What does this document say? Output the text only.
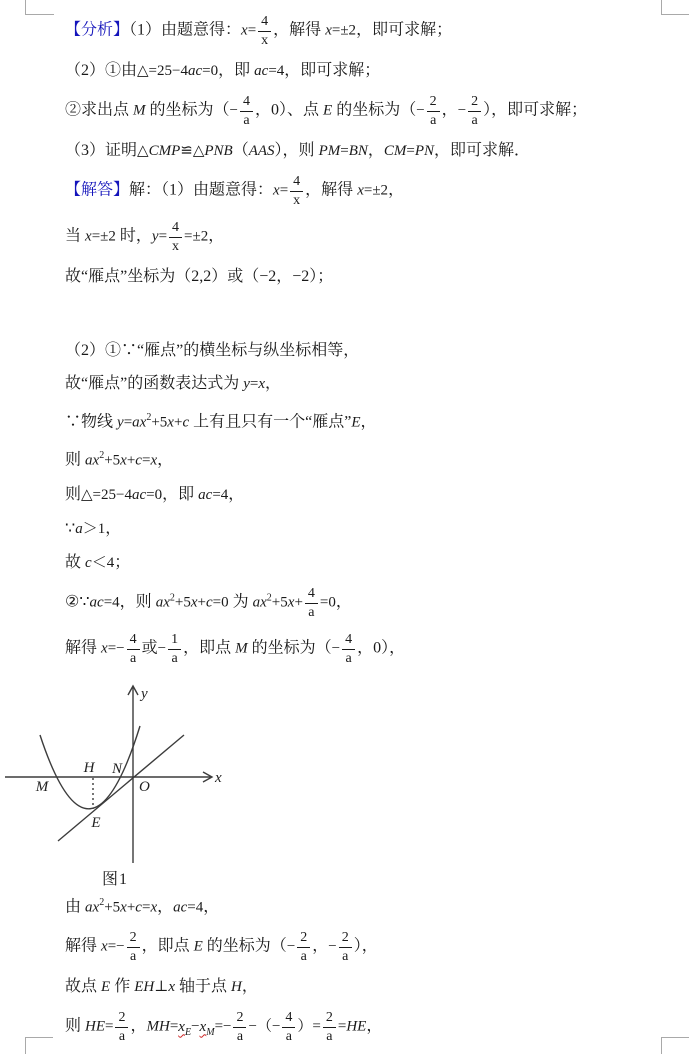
【分析】（1）由题意得：$x= \frac{4}{x}$ ，解得 x=±2，即可求解；
（2）①由△=25−4ac=0，即 ac=4，即可求解；
②求出点 M 的坐标为（− $\frac{4}{a}$ ，0）、点 E 的坐标为（− $\frac{2}{a}$ ，− $\frac{2}{a}$ ），即可求解；
（3）证明△CMP≌△PNB（AAS），则 PM=BN，CM=PN，即可求解．
【解答】解：（1）由题意得：$x= \frac{4}{x}$ ，解得 x=±2，
当 x=±2 时，$y= \frac{4}{x} =\pm 2$，
故“雁点”坐标为（2,2）或（−2，−2）；
（2）①∵“雁点”的横坐标与纵坐标相等，
故“雁点”的函数表达式为 y=x，
∵物线 $y=ax^2+5x+c$ 上有且只有一个“雁点”E，
则 $ax^2+5x+c=x$，
则△=25−4ac=0，即 ac=4，
∵a＞1，
故 c＜4；
②∵ac=4，则 $ax^2+5x+c=0$ 为 $ax^2+5x+ \frac{4}{a} =0$，
解得 $x=- \frac{4}{a}$ 或− $\frac{1}{a}$ ，即点 M 的坐标为（− $\frac{4}{a}$ ，0），
y
x
M
H N
O
E
图1
由 $ax^2+5x+c=x$，ac=4，
解得 $x=- \frac{2}{a}$ ，即点 E 的坐标为（− $\frac{2}{a}$ ，− $\frac{2}{a}$ ），
故点 E 作 EH⊥x 轴于点 H，
则 $HE= \frac{2}{a}$ ，$MH=x_E-x_M=- \frac{2}{a}$ −（− $\frac{4}{a}$ ）= $\frac{2}{a} =HE$，
